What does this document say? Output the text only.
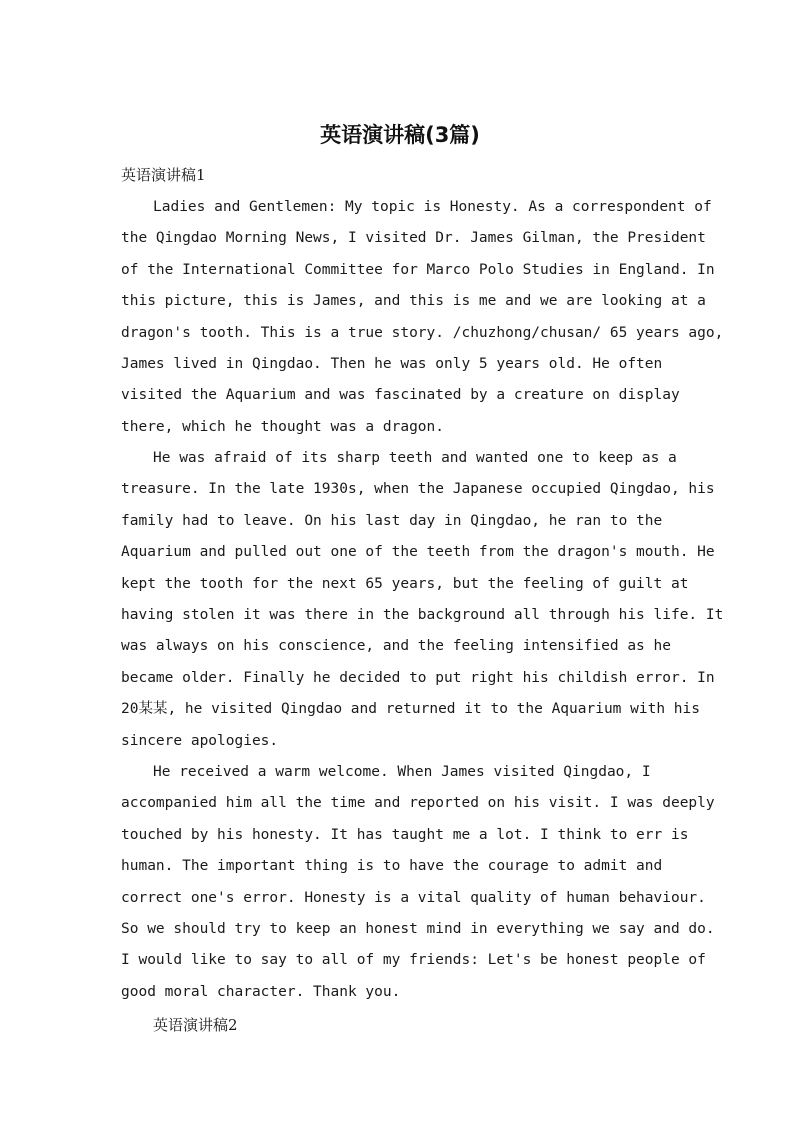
英语演讲稿(3篇)
英语演讲稿1
Ladies and Gentlemen: My topic is Honesty. As a correspondent of
the Qingdao Morning News, I visited Dr. James Gilman, the President
of the International Committee for Marco Polo Studies in England. In
this picture, this is James, and this is me and we are looking at a
dragon's tooth. This is a true story. /chuzhong/chusan/ 65 years ago,
James lived in Qingdao. Then he was only 5 years old. He often
visited the Aquarium and was fascinated by a creature on display
there, which he thought was a dragon.
He was afraid of its sharp teeth and wanted one to keep as a
treasure. In the late 1930s, when the Japanese occupied Qingdao, his
family had to leave. On his last day in Qingdao, he ran to the
Aquarium and pulled out one of the teeth from the dragon's mouth. He
kept the tooth for the next 65 years, but the feeling of guilt at
having stolen it was there in the background all through his life. It
was always on his conscience, and the feeling intensified as he
became older. Finally he decided to put right his childish error. In
20某某, he visited Qingdao and returned it to the Aquarium with his
sincere apologies.
He received a warm welcome. When James visited Qingdao, I
accompanied him all the time and reported on his visit. I was deeply
touched by his honesty. It has taught me a lot. I think to err is
human. The important thing is to have the courage to admit and
correct one's error. Honesty is a vital quality of human behaviour.
So we should try to keep an honest mind in everything we say and do.
I would like to say to all of my friends: Let's be honest people of
good moral character. Thank you.
英语演讲稿2
